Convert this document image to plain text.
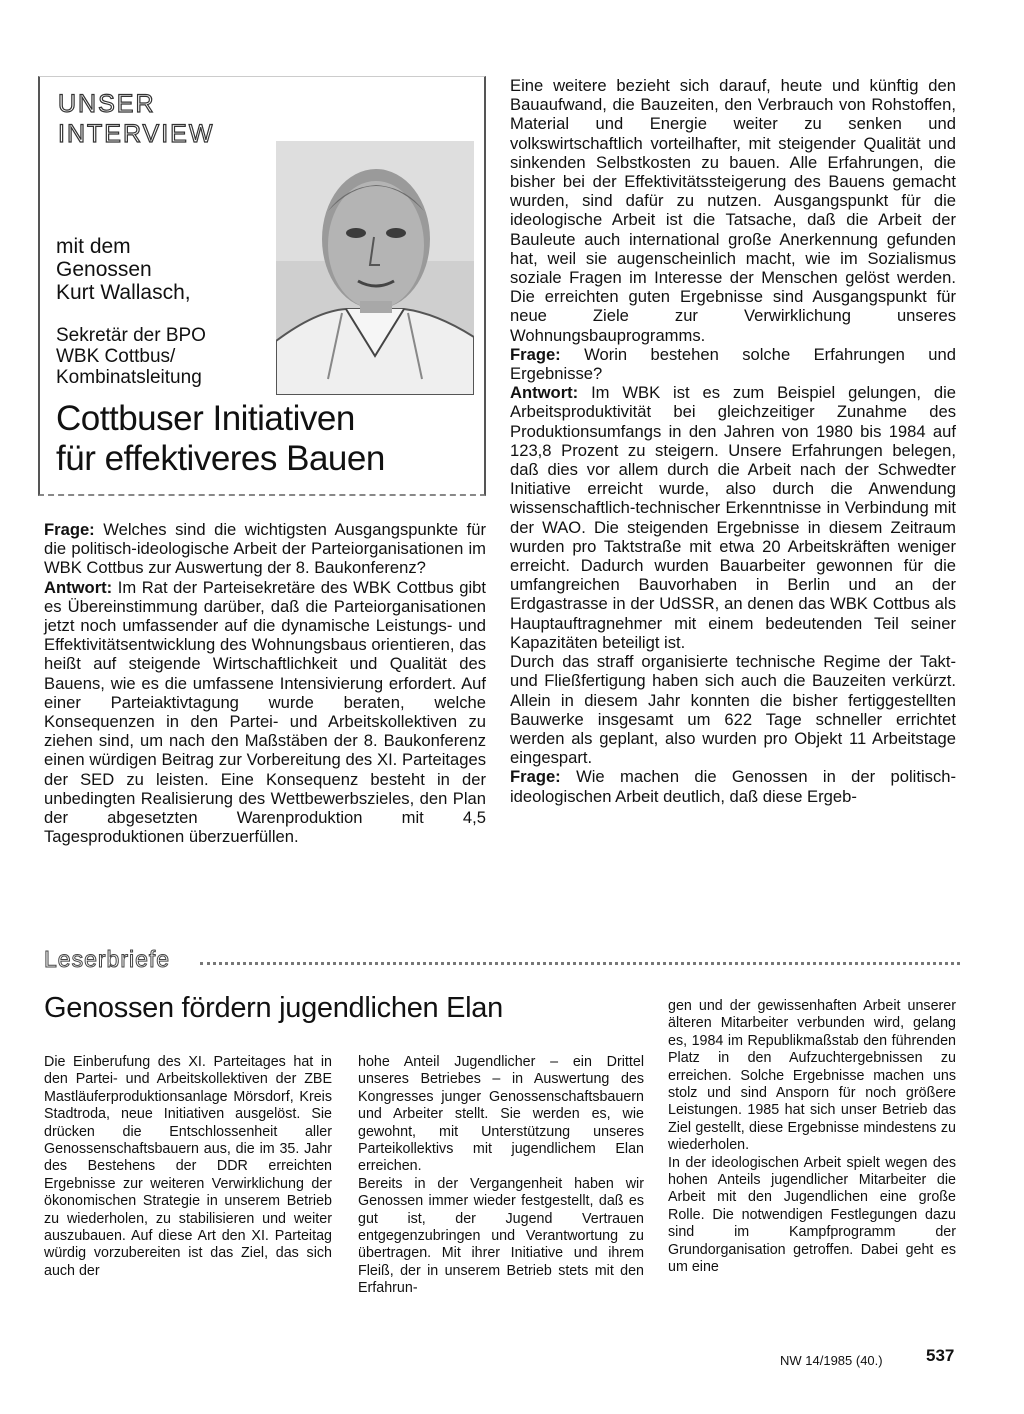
UNSER
INTERVIEW
mit dem
Genossen
Kurt Wallasch,
Sekretär der BPO
WBK Cottbus/
Kombinatsleitung
Cottbuser Initiativen
für effektiveres Bauen

Frage: Welches sind die wichtigsten Ausgangspunkte für die politisch-ideologische Arbeit der Parteiorganisationen im WBK Cottbus zur Auswertung der 8. Baukonferenz?

Antwort: Im Rat der Parteisekretäre des WBK Cottbus gibt es Übereinstimmung darüber, daß die Parteiorganisationen jetzt noch umfassender auf die dynamische Leistungs- und Effektivitätsentwicklung des Wohnungsbaus orientieren, das heißt auf steigende Wirtschaftlichkeit und Qualität des Bauens, wie es die umfassene Intensivierung erfordert. Auf einer Parteiaktivtagung wurde beraten, welche Konsequenzen in den Partei- und Arbeitskollektiven zu ziehen sind, um nach den Maßstäben der 8. Baukonferenz einen würdigen Beitrag zur Vorbereitung des XI. Parteitages der SED zu leisten. Eine Konsequenz besteht in der unbedingten Realisierung des Wettbewerbszieles, den Plan der abgesetzten Warenproduktion mit 4,5 Tagesproduktionen überzuerfüllen.

Eine weitere bezieht sich darauf, heute und künftig den Bauaufwand, die Bauzeiten, den Verbrauch von Rohstoffen, Material und Energie weiter zu senken und volkswirtschaftlich vorteilhafter, mit steigender Qualität und sinkenden Selbstkosten zu bauen. Alle Erfahrungen, die bisher bei der Effektivitätssteigerung des Bauens gemacht wurden, sind dafür zu nutzen. Ausgangspunkt für die ideologische Arbeit ist die Tatsache, daß die Arbeit der Bauleute auch international große Anerkennung gefunden hat, weil sie augenscheinlich macht, wie im Sozialismus soziale Fragen im Interesse der Menschen gelöst werden. Die erreichten guten Ergebnisse sind Ausgangspunkt für neue Ziele zur Verwirklichung unseres Wohnungsbauprogramms.

Frage: Worin bestehen solche Erfahrungen und Ergebnisse?

Antwort: Im WBK ist es zum Beispiel gelungen, die Arbeitsproduktivität bei gleichzeitiger Zunahme des Produktionsumfangs in den Jahren von 1980 bis 1984 auf 123,8 Prozent zu steigern. Unsere Erfahrungen belegen, daß dies vor allem durch die Arbeit nach der Schwedter Initiative erreicht wurde, also durch die Anwendung wissenschaftlich-technischer Erkenntnisse in Verbindung mit der WAO. Die steigenden Ergebnisse in diesem Zeitraum wurden pro Taktstraße mit etwa 20 Arbeitskräften weniger erreicht. Dadurch wurden Bauarbeiter gewonnen für die umfangreichen Bauvorhaben in Berlin und an der Erdgastrasse in der UdSSR, an denen das WBK Cottbus als Hauptauftragnehmer mit einem bedeutenden Teil seiner Kapazitäten beteiligt ist.

Durch das straff organisierte technische Regime der Takt- und Fließfertigung haben sich auch die Bauzeiten verkürzt. Allein in diesem Jahr konnten die bisher fertiggestellten Bauwerke insgesamt um 622 Tage schneller errichtet werden als geplant, also wurden pro Objekt 11 Arbeitstage eingespart.

Frage: Wie machen die Genossen in der politisch-ideologischen Arbeit deutlich, daß diese Ergeb-

Leserbriefe
Genossen fördern jugendlichen Elan

Die Einberufung des XI. Parteitages hat in den Partei- und Arbeitskollektiven der ZBE Mastläuferproduktionsanlage Mörsdorf, Kreis Stadtroda, neue Initiativen ausgelöst. Sie drücken die Entschlossenheit aller Genossenschaftsbauern aus, die im 35. Jahr des Bestehens der DDR erreichten Ergebnisse zur weiteren Verwirklichung der ökonomischen Strategie in unserem Betrieb zu wiederholen, zu stabilisieren und weiter auszubauen. Auf diese Art den XI. Parteitag würdig vorzubereiten ist das Ziel, das sich auch der

hohe Anteil Jugendlicher – ein Drittel unseres Betriebes – in Auswertung des Kongresses junger Genossenschaftsbauern und Arbeiter stellt. Sie werden es, wie gewohnt, mit Unterstützung unseres Parteikollektivs mit jugendlichem Elan erreichen.

Bereits in der Vergangenheit haben wir Genossen immer wieder festgestellt, daß es gut ist, der Jugend Vertrauen entgegenzubringen und Verantwortung zu übertragen. Mit ihrer Initiative und ihrem Fleiß, der in unserem Betrieb stets mit den Erfahrun-

gen und der gewissenhaften Arbeit unserer älteren Mitarbeiter verbunden wird, gelang es, 1984 im Republikmaßstab den führenden Platz in den Aufzuchtergebnissen zu erreichen. Solche Ergebnisse machen uns stolz und sind Ansporn für noch größere Leistungen. 1985 hat sich unser Betrieb das Ziel gestellt, diese Ergebnisse mindestens zu wiederholen.

In der ideologischen Arbeit spielt wegen des hohen Anteils jugendlicher Mitarbeiter die Arbeit mit den Jugendlichen eine große Rolle. Die notwendigen Festlegungen dazu sind im Kampfprogramm der Grundorganisation getroffen. Dabei geht es um eine

NW 14/1985 (40.)	537
